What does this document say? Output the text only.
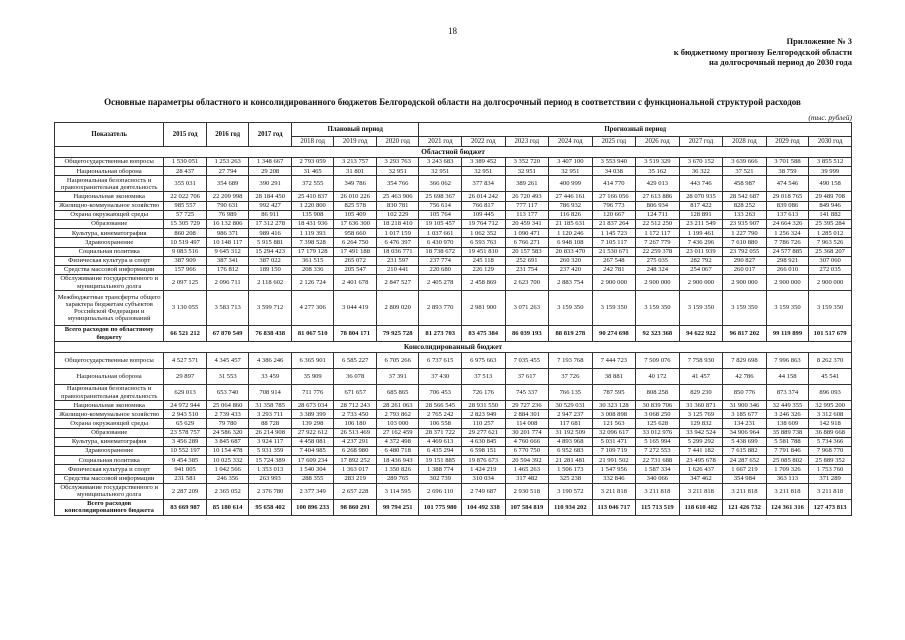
18
Приложение № 3
к бюджетному прогнозу Белгородской области
на долгосрочный период до 2030 года
Основные параметры областного и консолидированного бюджетов Белгородской области на долгосрочный период в соответствии с функциональной структурой расходов
(тыс. рублей)
Показатель	2015 год	2016 год	2017 год	Плановый период			Прогнозный период									
				2018 год	2019 год	2020 год	2021 год	2022 год	2023 год	2024 год	2025 год	2026 год	2027 год	2028 год	2029 год	2030 год
Областной бюджет																
Общегосударственные вопросы	1 530 051	1 253 263	1 348 667	2 793 059	3 213 757	3 293 763	3 243 683	3 389 452	3 352 720	3 407 100	3 553 940	3 519 329	3 670 152	3 639 666	3 701 588	3 855 512
Национальная оборона	28 437	27 794	29 208	31 465	31 801	32 951	32 951	32 951	32 951	32 951	34 038	35 162	36 322	37 521	38 759	39 999
Национальная безопасность и правоохранительная деятельность	355 031	354 689	390 291	372 555	349 786	354 766	366 062	377 834	389 261	400 999	414 770	429 013	443 746	458 987	474 546	490 158
Национальная экономика	22 022 706	22 209 998	28 184 450	25 410 837	26 010 226	25 463 906	25 698 367	26 014 242	26 720 493	27 446 161	27 166 056	27 613 886	28 070 935	28 542 687	29 018 765	29 489 708
Жилищно-коммунальное хозяйство	985 557	790 631	992 427	1 220 800	825 578	830 781	756 614	766 817	777 117	786 932	796 773	806 934	817 422	828 252	839 086	849 946
Охрана окружающей среды	57 725	76 989	86 911	135 908	105 409	102 229	105 764	109 445	113 177	116 826	120 667	124 711	128 891	133 263	137 613	141 882
Образование	15 305 729	16 132 806	17 312 278	18 431 936	17 636 300	18 218 410	19 105 457	19 764 712	20 459 341	21 185 631	21 837 264	22 512 250	23 211 549	23 935 907	24 664 326	25 395 284
Культура, кинематография	860 208	986 371	989 416	1 119 393	958 660	1 017 159	1 037 661	1 062 352	1 090 471	1 120 246	1 145 723	1 172 117	1 199 461	1 227 790	1 256 324	1 285 012
Здравоохранение	10 519 497	10 148 117	5 915 881	7 398 528	6 264 750	6 476 397	6 430 970	6 593 763	6 766 271	6 948 108	7 105 117	7 267 779	7 436 296	7 610 880	7 786 726	7 963 526
Социальная политика	9 083 516	9 645 312	15 294 423	17 179 128	17 491 188	18 036 771	18 738 672	19 451 810	20 157 583	20 833 470	21 530 671	22 259 378	23 011 939	23 792 055	24 577 885	25 368 207
Физическая культура и спорт	387 909	387 341	387 022	361 515	265 072	231 597	237 774	245 118	252 691	260 320	267 548	275 035	282 792	290 827	298 921	307 060
Средства массовой информации	157 966	176 812	189 150	208 336	205 547	210 441	220 680	226 129	231 754	237 420	242 781	248 324	254 067	260 017	266 010	272 035
Обслуживание государственного и муниципального долга	2 097 125	2 096 711	2 118 602	2 126 724	2 401 678	2 847 527	2 405 278	2 458 869	2 623 700	2 883 754	2 900 000	2 900 000	2 900 000	2 900 000	2 900 000	2 900 000
Межбюджетные трансферты общего характера бюджетам субъектов Российской Федерации и муниципальных образований	3 130 055	3 583 713	3 599 712	4 277 306	3 044 419	2 809 020	2 893 770	2 981 900	3 071 263	3 159 350	3 159 350	3 159 350	3 159 350	3 159 350	3 159 350	3 159 350
Всего расходов по областному бюджету	66 521 212	67 870 549	76 838 438	81 067 510	78 804 171	79 925 728	81 273 703	83 475 384	86 039 193	88 819 278	90 274 698	92 323 368	94 622 922	96 817 202	99 119 899	101 517 679
Консолидированный бюджет																
Общегосударственные вопросы	4 527 571	4 345 457	4 386 246	6 365 901	6 585 227	6 705 266	6 737 615	6 975 663	7 035 455	7 193 768	7 444 723	7 509 076	7 758 930	7 829 698	7 996 863	8 262 370
Национальная оборона	29 897	31 553	33 459	35 909	36 078	37 391	37 430	37 513	37 617	37 726	38 881	40 172	41 457	42 786	44 158	45 541
Национальная безопасность и правоохранительная деятельность	629 013	653 740	708 914	711 776	671 657	685 865	706 453	726 176	745 337	766 135	787 595	808 258	829 230	850 776	873 374	896 093
Национальная экономика	24 972 944	25 064 860	31 358 785	28 673 034	28 712 243	28 261 063	28 566 545	28 931 550	29 727 236	30 529 031	30 323 128	30 839 706	31 360 871	31 900 346	32 449 355	32 995 200
Жилищно-коммунальное хозяйство	2 943 510	2 739 433	3 293 711	3 389 399	2 733 450	2 793 862	2 765 242	2 823 949	2 884 301	2 947 237	3 008 898	3 068 250	3 125 769	3 185 677	3 246 326	3 312 608
Охрана окружающей среды	65 629	79 780	88 728	139 298	106 180	103 000	106 558	110 257	114 008	117 681	121 563	125 628	129 832	134 231	138 609	142 918
Образование	23 578 757	24 586 320	26 214 908	27 922 612	26 513 469	27 162 459	28 371 722	29 277 621	30 201 774	31 192 509	32 096 617	33 012 976	33 942 524	34 906 964	35 889 738	36 889 668
Культура, кинематография	3 456 289	3 845 687	3 924 117	4 458 081	4 237 291	4 372 498	4 469 613	4 630 845	4 760 666	4 893 968	5 031 471	5 165 994	5 299 292	5 438 699	5 581 788	5 734 366
Здравоохранение	10 552 197	10 154 478	5 931 359	7 404 985	6 268 980	6 480 718	6 435 294	6 598 151	6 770 750	6 952 683	7 109 719	7 272 553	7 441 182	7 615 882	7 791 846	7 968 770
Социальная политика	9 454 385	10 025 332	15 724 389	17 609 234	17 892 252	18 436 943	19 151 885	19 876 673	20 594 392	21 281 481	21 991 502	22 731 688	23 495 678	24 287 652	25 085 802	25 889 352
Физическая культура и спорт	941 005	1 042 566	1 353 013	1 540 304	1 363 017	1 350 826	1 388 774	1 424 219	1 465 263	1 506 173	1 547 956	1 587 334	1 626 437	1 667 219	1 709 326	1 753 760
Средства массовой информации	231 581	246 356	263 993	288 355	283 219	289 765	302 739	310 034	317 482	325 238	332 846	340 066	347 462	354 984	363 113	371 289
Обслуживание государственного и муниципального долга	2 287 209	2 365 052	2 376 780	2 377 349	2 657 228	3 114 595	2 696 110	2 749 687	2 930 518	3 190 572	3 211 818	3 211 818	3 211 818	3 211 818	3 211 818	3 211 818
Всего расходов консолидированного бюджета	83 669 987	85 180 614	95 658 402	100 896 233	98 860 291	99 794 251	101 775 980	104 492 338	107 584 819	110 934 202	113 046 717	115 713 519	118 610 482	121 426 732	124 361 316	127 473 813
